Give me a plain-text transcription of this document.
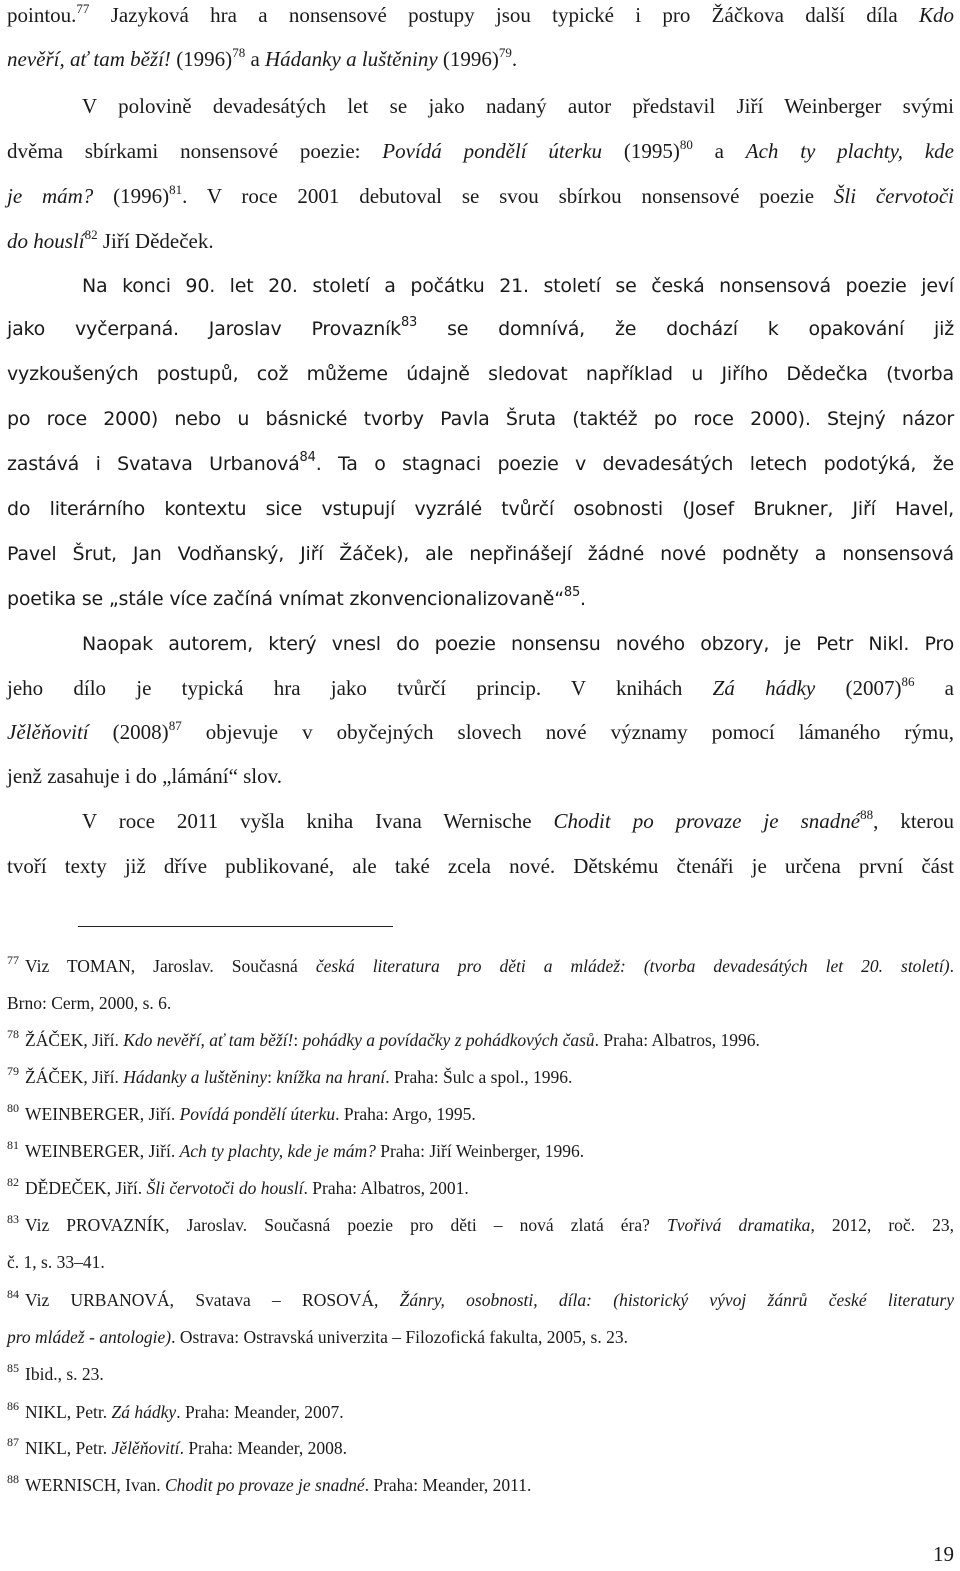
pointou.$^{77}$ Jazyková hra a nonsensové postupy jsou typické i pro Žáčkova další díla Kdo
nevěří, ať tam běží! $(1996)^{78}$ a Hádanky a luštěniny $(1996)^{79}$.
V polovině devadesátých let se jako nadaný autor představil Jiří Weinberger svými
dvěma sbírkami nonsensové poezie: Povídá pondělí úterku $(1995)^{80}$ a Ach ty plachty, kde
je mám? $(1996)^{81}$. V roce 2001 debutoval se svou sbírkou nonsensové poezie Šli červotoči
do houslí$^{82}$ Jiří Dědeček.
Na konci 90. let 20. století a počátku 21. století se česká nonsensová poezie jeví
jako vyčerpaná. Jaroslav Provazník$^{83}$ se domnívá, že dochází k opakování již
vyzkoušených postupů, což můžeme údajně sledovat například u Jiřího Dědečka (tvorba
po roce 2000) nebo u básnické tvorby Pavla Šruta (taktéž po roce 2000). Stejný názor
zastává i Svatava Urbanová$^{84}$. Ta o stagnaci poezie v devadesátých letech podotýká, že
do literárního kontextu sice vstupují vyzrálé tvůrčí osobnosti (Josef Brukner, Jiří Havel,
Pavel Šrut, Jan Vodňanský, Jiří Žáček), ale nepřinášejí žádné nové podněty a nonsensová
poetika se „stále více začíná vnímat zkonvencionalizovaně“$^{85}$.
Naopak autorem, který vnesl do poezie nonsensu nového obzory, je Petr Nikl. Pro
jeho dílo je typická hra jako tvůrčí princip. V knihách Zá hádky $(2007)^{86}$ a
Jělěňovití $(2008)^{87}$ objevuje v obyčejných slovech nové významy pomocí lámaného rýmu,
jenž zasahuje i do „lámání“ slov.
V roce 2011 vyšla kniha Ivana Wernische Chodit po provaze je snadné$^{88}$, kterou
tvoří texty již dříve publikované, ale také zcela nové. Dětskému čtenáři je určena první část
$^{77}$ Viz TOMAN, Jaroslav. Současná česká literatura pro děti a mládež: (tvorba devadesátých let 20. století).
Brno: Cerm, 2000, s. 6.
$^{78}$ ŽÁČEK, Jiří. Kdo nevěří, ať tam běží!: pohádky a povídačky z pohádkových časů. Praha: Albatros, 1996.
$^{79}$ ŽÁČEK, Jiří. Hádanky a luštěniny: knížka na hraní. Praha: Šulc a spol., 1996.
$^{80}$ WEINBERGER, Jiří. Povídá pondělí úterku. Praha: Argo, 1995.
$^{81}$ WEINBERGER, Jiří. Ach ty plachty, kde je mám? Praha: Jiří Weinberger, 1996.
$^{82}$ DĚDEČEK, Jiří. Šli červotoči do houslí. Praha: Albatros, 2001.
$^{83}$ Viz PROVAZNÍK, Jaroslav. Současná poezie pro děti – nová zlatá éra? Tvořivá dramatika, 2012, roč. 23,
č. 1, s. 33–41.
$^{84}$ Viz URBANOVÁ, Svatava – ROSOVÁ, Žánry, osobnosti, díla: (historický vývoj žánrů české literatury
pro mládež - antologie). Ostrava: Ostravská univerzita – Filozofická fakulta, 2005, s. 23.
$^{85}$ Ibid., s. 23.
$^{86}$ NIKL, Petr. Zá hádky. Praha: Meander, 2007.
$^{87}$ NIKL, Petr. Jělěňovití. Praha: Meander, 2008.
$^{88}$ WERNISCH, Ivan. Chodit po provaze je snadné. Praha: Meander, 2011.
19
